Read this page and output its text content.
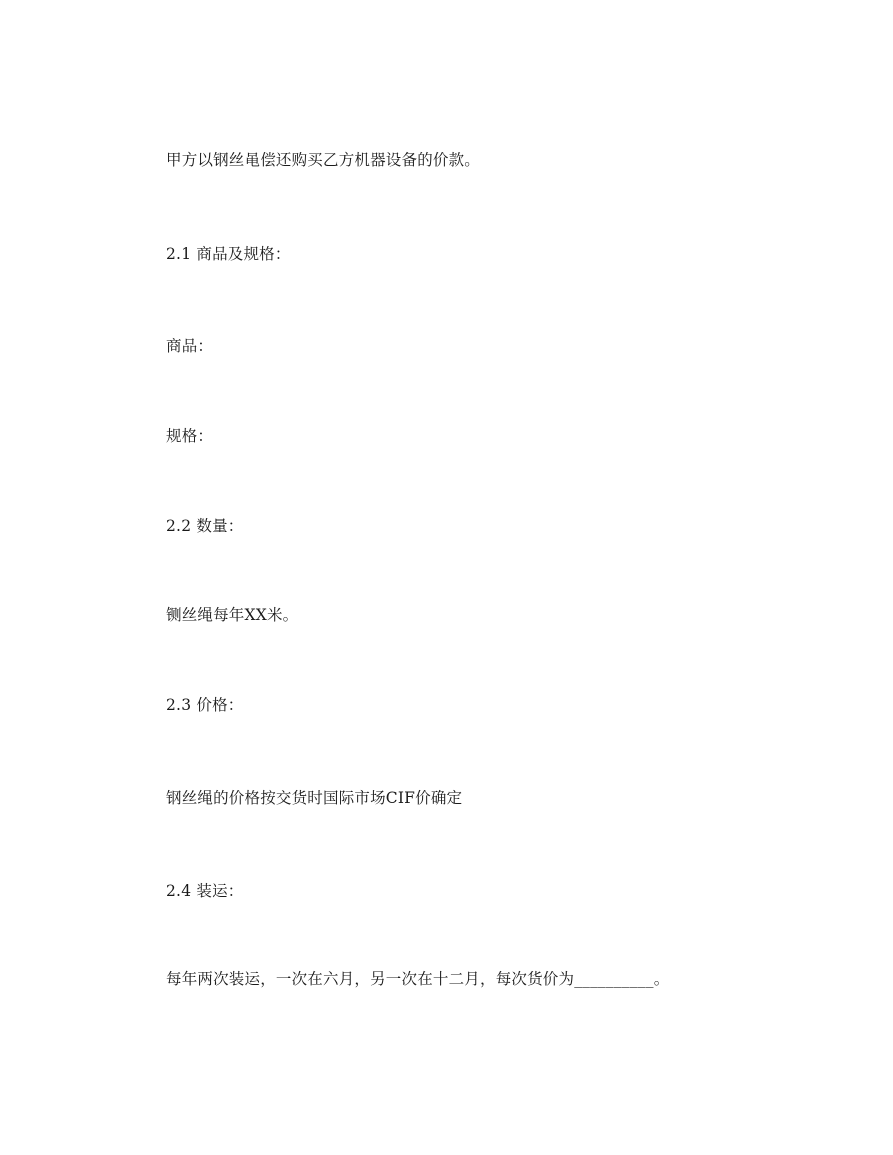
甲方以钢丝黾偿还购买乙方机器设备的价款。

2.1 商品及规格：

商品：

规格：

2.2 数量：

铡丝绳每年XX米。

2.3 价格：

钢丝绳的价格按交货时国际市场CIF价确定

2.4 装运：

每年两次装运，一次在六月，另一次在十二月，每次货价为__________。
